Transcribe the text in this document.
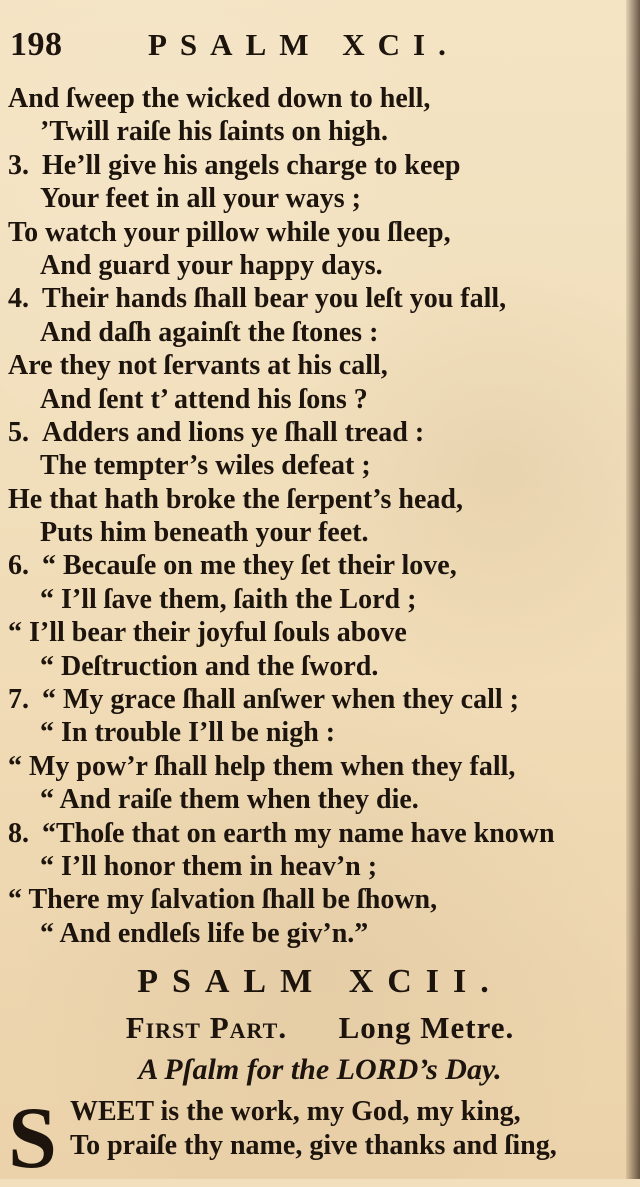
198	PSALM XCI.
And ſweep the wicked down to hell,
’Twill raiſe his ſaints on high.
3. He’ll give his angels charge to keep
Your feet in all your ways ;
To watch your pillow while you ſleep,
And guard your happy days.
4. Their hands ſhall bear you leſt you fall,
And daſh againſt the ſtones :
Are they not ſervants at his call,
And ſent t’ attend his ſons ?
5. Adders and lions ye ſhall tread :
The tempter’s wiles defeat ;
He that hath broke the ſerpent’s head,
Puts him beneath your feet.
6. “ Becauſe on me they ſet their love,
“ I’ll ſave them, ſaith the Lord ;
“ I’ll bear their joyful ſouls above
“ Deſtruction and the ſword.
7. “ My grace ſhall anſwer when they call ;
“ In trouble I’ll be nigh :
“ My pow’r ſhall help them when they fall,
“ And raiſe them when they die.
8. “Thoſe that on earth my name have known
“ I’ll honor them in heav’n ;
“ There my ſalvation ſhall be ſhown,
“ And endleſs life be giv’n.”
PSALM XCII.
First Part. Long Metre.
A Pſalm for the LORD’s Day.
S WEET is the work, my God, my king,
To praiſe thy name, give thanks and ſing,
